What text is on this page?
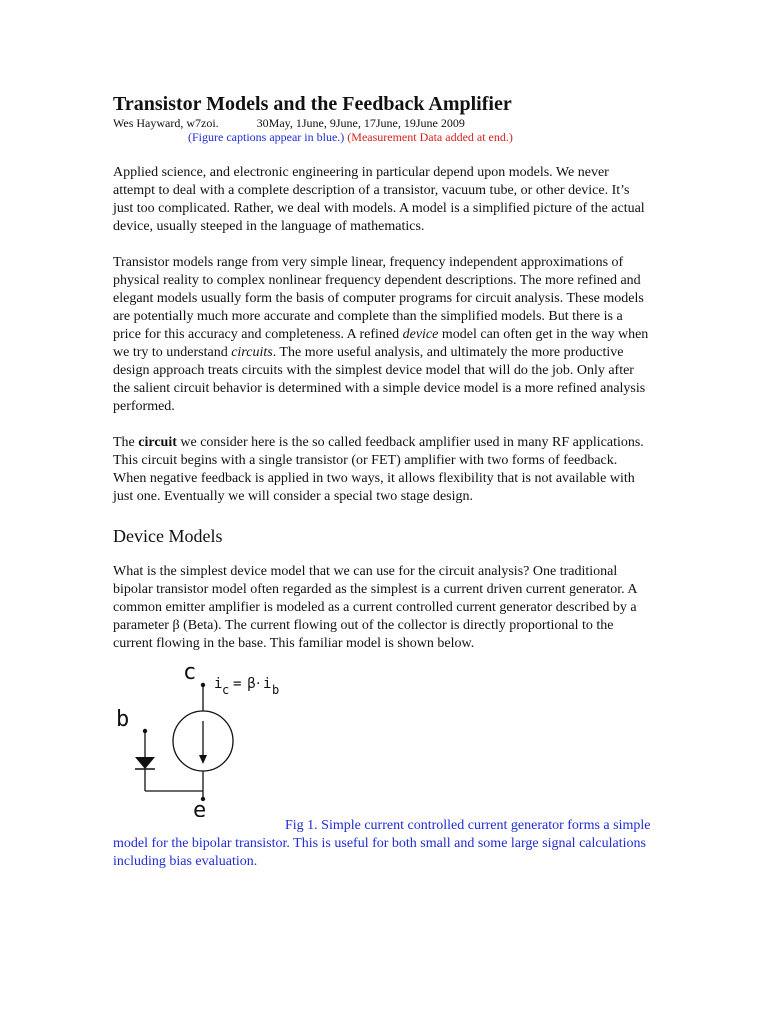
Transistor Models and the Feedback Amplifier
Wes Hayward, w7zoi.	30May, 1June, 9June, 17June, 19June 2009
(Figure captions appear in blue.) (Measurement Data added at end.)

Applied science, and electronic engineering in particular depend upon models. We never attempt to deal with a complete description of a transistor, vacuum tube, or other device. It’s just too complicated. Rather, we deal with models. A model is a simplified picture of the actual device, usually steeped in the language of mathematics.

Transistor models range from very simple linear, frequency independent approximations of physical reality to complex nonlinear frequency dependent descriptions. The more refined and elegant models usually form the basis of computer programs for circuit analysis. These models are potentially much more accurate and complete than the simplified models. But there is a price for this accuracy and completeness. A refined device model can often get in the way when we try to understand circuits. The more useful analysis, and ultimately the more productive design approach treats circuits with the simplest device model that will do the job. Only after the salient circuit behavior is determined with a simple device model is a more refined analysis performed.

The circuit we consider here is the so called feedback amplifier used in many RF applications. This circuit begins with a single transistor (or FET) amplifier with two forms of feedback. When negative feedback is applied in two ways, it allows flexibility that is not available with just one. Eventually we will consider a special two stage design.

Device Models

What is the simplest device model that we can use for the circuit analysis? One traditional bipolar transistor model often regarded as the simplest is a current driven current generator. A common emitter amplifier is modeled as a current controlled current generator described by a parameter β (Beta). The current flowing out of the collector is directly proportional to the current flowing in the base. This familiar model is shown below.

c i c = β · i b
b
e

Fig 1. Simple current controlled current generator forms a simple model for the bipolar transistor. This is useful for both small and some large signal calculations including bias evaluation.
